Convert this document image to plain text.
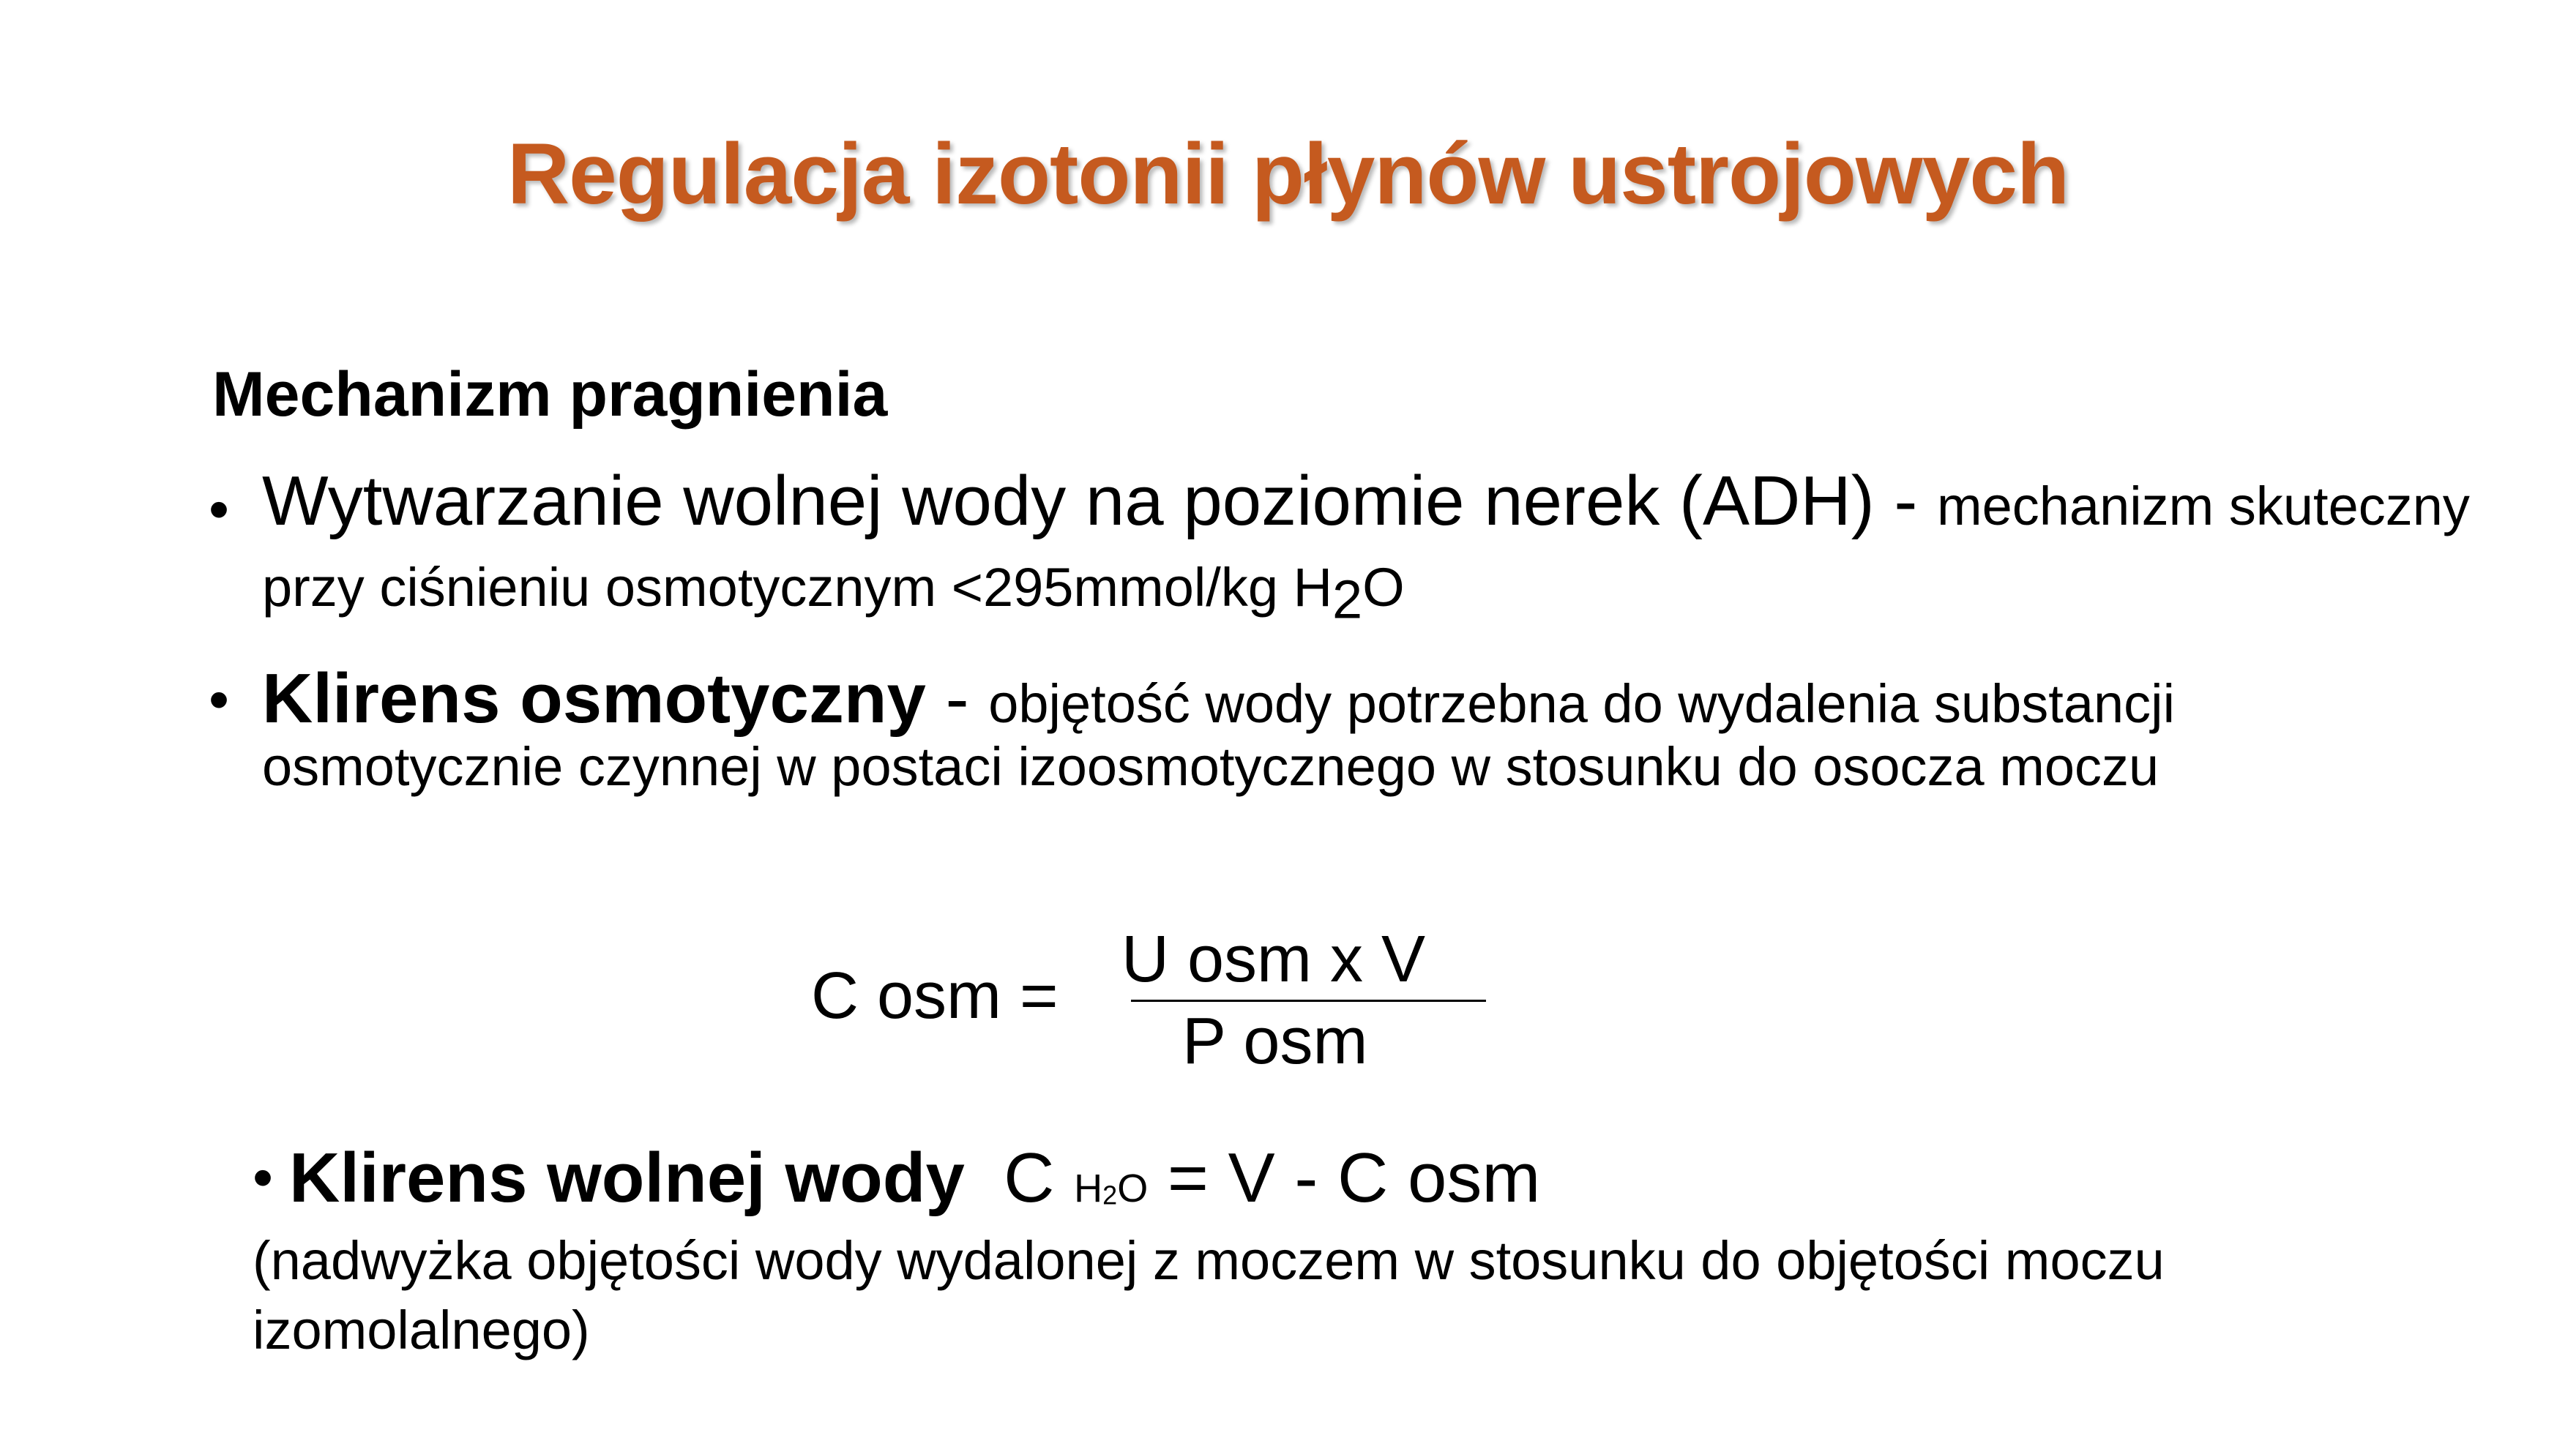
Regulacja izotonii płynów ustrojowych
Mechanizm pragnienia
• Wytwarzanie wolnej wody na poziomie nerek (ADH) - mechanizm skuteczny
przy ciśnieniu osmotycznym <295mmol/kg $H_2O$
• Klirens osmotyczny - objętość wody potrzebna do wydalenia substancji
osmotycznie czynnej w postaci izoosmotycznego w stosunku do osocza moczu
C osm = U osm x V
P osm
• Klirens wolnej wody C $H_2O = V - C$ osm
(nadwyżka objętości wody wydalonej z moczem w stosunku do objętości moczu
izomolalnego)
